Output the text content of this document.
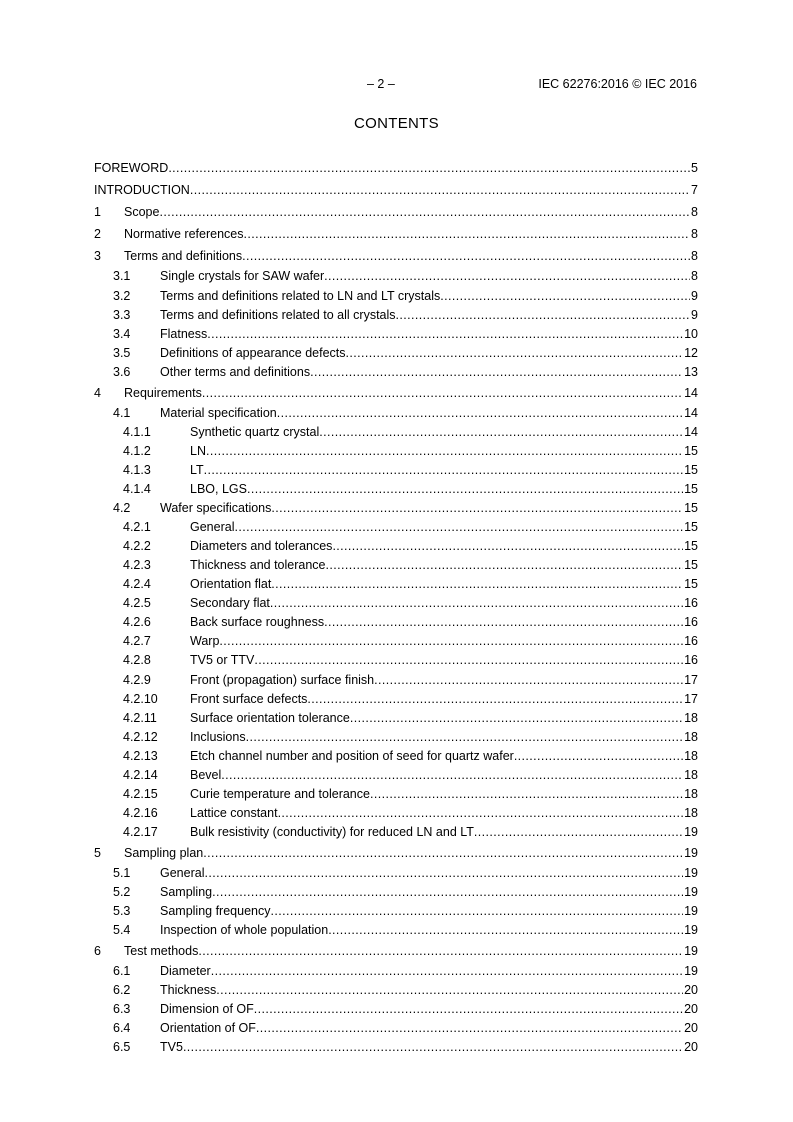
– 2 –	IEC 62276:2016 © IEC 2016
CONTENTS
FOREWORD .....	5
INTRODUCTION .....	7
1 Scope .....	8
2 Normative references .....	8
3 Terms and definitions .....	8
3.1 Single crystals for SAW wafer .....	8
3.2 Terms and definitions related to LN and LT crystals .....	9
3.3 Terms and definitions related to all crystals .....	9
3.4 Flatness .....	10
3.5 Definitions of appearance defects .....	12
3.6 Other terms and definitions .....	13
4 Requirements .....	14
4.1 Material specification .....	14
4.1.1	Synthetic quartz crystal .....	14
4.1.2	LN .....	15
4.1.3	LT .....	15
4.1.4	LBO, LGS .....	15
4.2 Wafer specifications .....	15
4.2.1	General .....	15
4.2.2	Diameters and tolerances .....	15
4.2.3	Thickness and tolerance .....	15
4.2.4	Orientation flat .....	15
4.2.5	Secondary flat .....	16
4.2.6	Back surface roughness .....	16
4.2.7	Warp .....	16
4.2.8	TV5 or TTV .....	16
4.2.9	Front (propagation) surface finish .....	17
4.2.10	Front surface defects .....	17
4.2.11	Surface orientation tolerance .....	18
4.2.12	Inclusions .....	18
4.2.13	Etch channel number and position of seed for quartz wafer .....	18
4.2.14	Bevel .....	18
4.2.15	Curie temperature and tolerance .....	18
4.2.16	Lattice constant .....	18
4.2.17	Bulk resistivity (conductivity) for reduced LN and LT .....	19
5 Sampling plan .....	19
5.1 General .....	19
5.2 Sampling .....	19
5.3 Sampling frequency .....	19
5.4 Inspection of whole population .....	19
6 Test methods .....	19
6.1 Diameter .....	19
6.2 Thickness .....	20
6.3 Dimension of OF .....	20
6.4 Orientation of OF .....	20
6.5 TV5 .....	20
